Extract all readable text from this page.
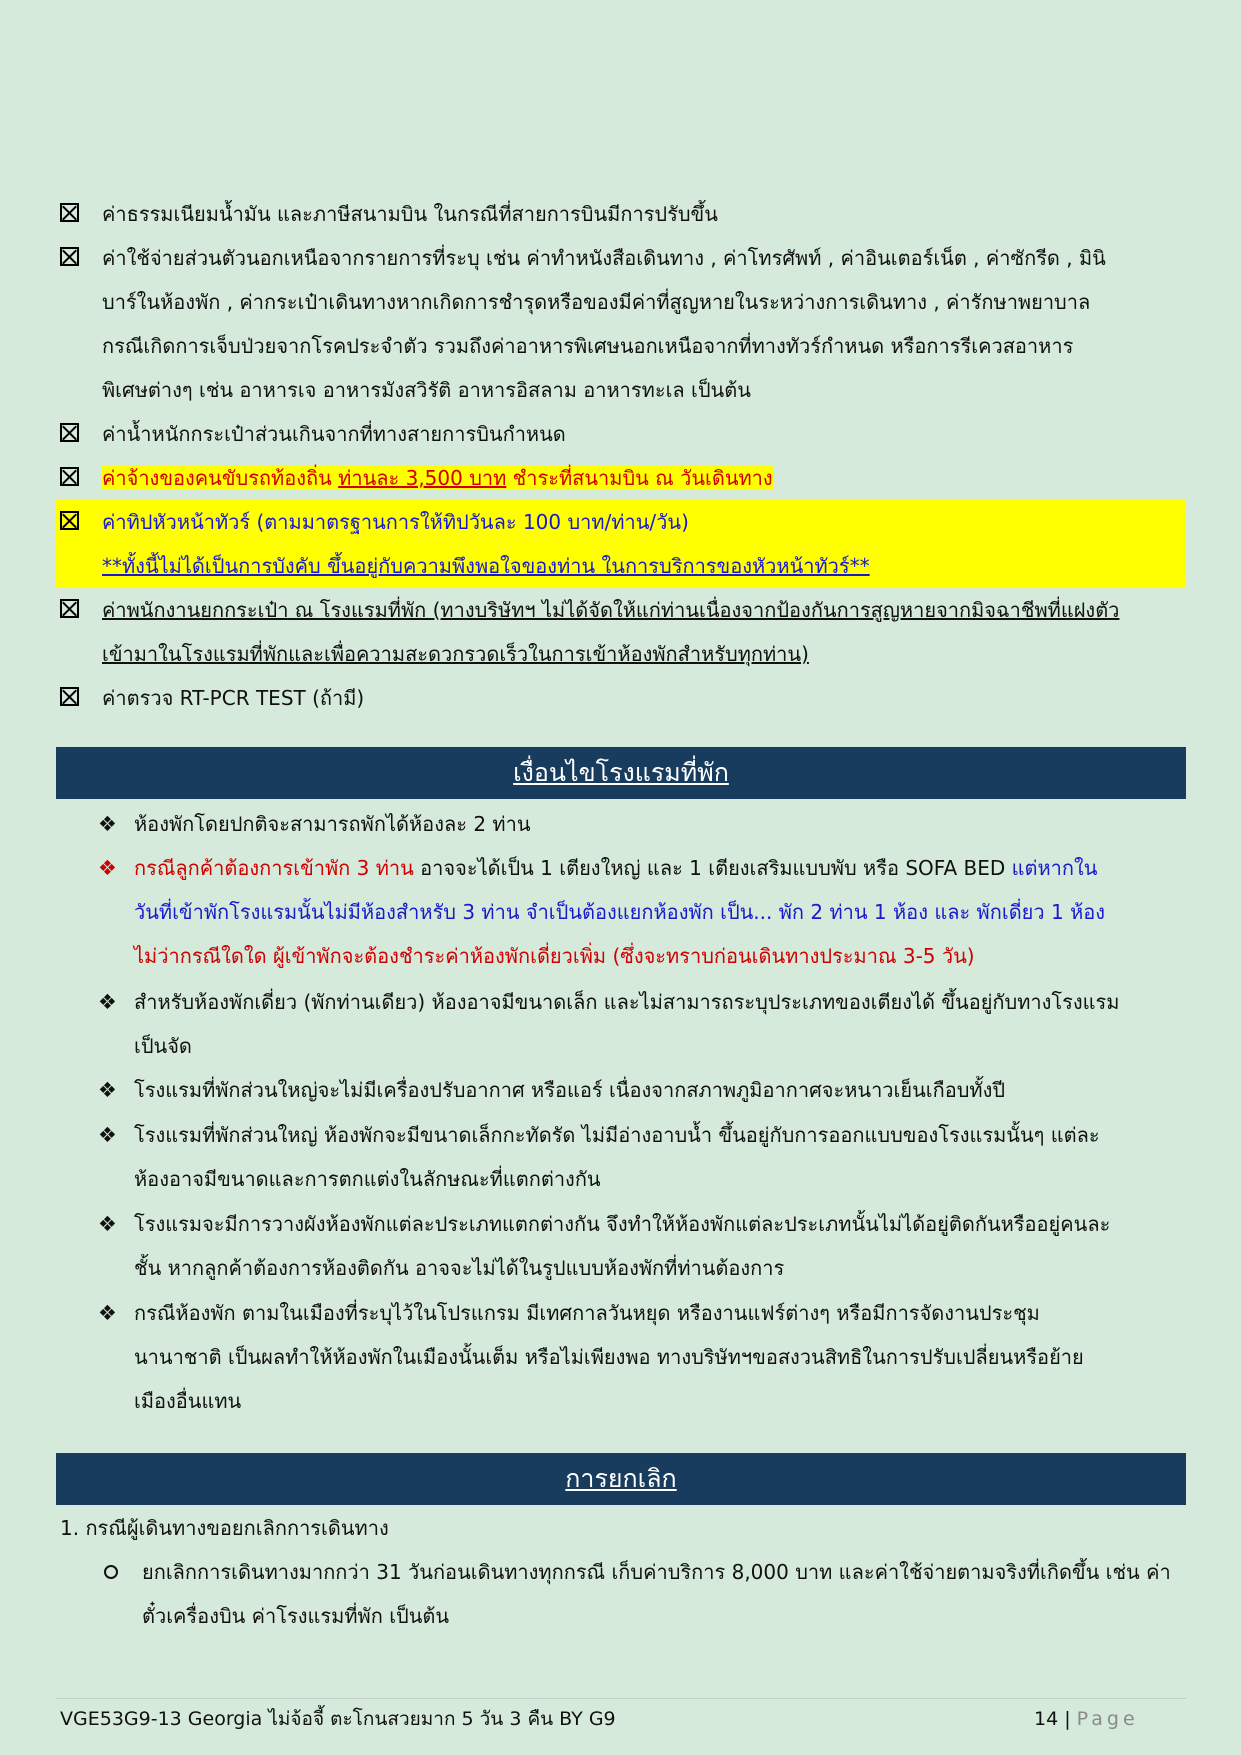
ค่าธรรมเนียมน้ำมัน และภาษีสนามบิน ในกรณีที่สายการบินมีการปรับขึ้น
ค่าใช้จ่ายส่วนตัวนอกเหนือจากรายการที่ระบุ เช่น ค่าทำหนังสือเดินทาง , ค่าโทรศัพท์ , ค่าอินเตอร์เน็ต , ค่าซักรีด , มินิ
บาร์ในห้องพัก , ค่ากระเป๋าเดินทางหากเกิดการชำรุดหรือของมีค่าที่สูญหายในระหว่างการเดินทาง , ค่ารักษาพยาบาล
กรณีเกิดการเจ็บป่วยจากโรคประจำตัว รวมถึงค่าอาหารพิเศษนอกเหนือจากที่ทางทัวร์กำหนด หรือการรีเควสอาหาร
พิเศษต่างๆ เช่น อาหารเจ อาหารมังสวิรัติ อาหารอิสลาม อาหารทะเล เป็นต้น
ค่าน้ำหนักกระเป๋าส่วนเกินจากที่ทางสายการบินกำหนด
ค่าจ้างของคนขับรถท้องถิ่น ท่านละ 3,500 บาท ชำระที่สนามบิน ณ วันเดินทาง
ค่าทิปหัวหน้าทัวร์ (ตามมาตรฐานการให้ทิปวันละ 100 บาท/ท่าน/วัน)
**ทั้งนี้ไม่ได้เป็นการบังคับ ขึ้นอยู่กับความพึงพอใจของท่าน ในการบริการของหัวหน้าทัวร์**
ค่าพนักงานยกกระเป๋า ณ โรงแรมที่พัก (ทางบริษัทฯ ไม่ได้จัดให้แก่ท่านเนื่องจากป้องกันการสูญหายจากมิจฉาชีพที่แฝงตัว
เข้ามาในโรงแรมที่พักและเพื่อความสะดวกรวดเร็วในการเข้าห้องพักสำหรับทุกท่าน)
ค่าตรวจ RT-PCR TEST (ถ้ามี)
เงื่อนไขโรงแรมที่พัก
❖ ห้องพักโดยปกติจะสามารถพักได้ห้องละ 2 ท่าน
❖ กรณีลูกค้าต้องการเข้าพัก 3 ท่าน อาจจะได้เป็น 1 เตียงใหญ่ และ 1 เตียงเสริมแบบพับ หรือ SOFA BED แต่หากใน
วันที่เข้าพักโรงแรมนั้นไม่มีห้องสำหรับ 3 ท่าน จำเป็นต้องแยกห้องพัก เป็น... พัก 2 ท่าน 1 ห้อง และ พักเดี่ยว 1 ห้อง
ไม่ว่ากรณีใดใด ผู้เข้าพักจะต้องชำระค่าห้องพักเดี่ยวเพิ่ม (ซึ่งจะทราบก่อนเดินทางประมาณ 3-5 วัน)
❖ สำหรับห้องพักเดี่ยว (พักท่านเดียว) ห้องอาจมีขนาดเล็ก และไม่สามารถระบุประเภทของเตียงได้ ขึ้นอยู่กับทางโรงแรม
เป็นจัด
❖ โรงแรมที่พักส่วนใหญ่จะไม่มีเครื่องปรับอากาศ หรือแอร์ เนื่องจากสภาพภูมิอากาศจะหนาวเย็นเกือบทั้งปี
❖ โรงแรมที่พักส่วนใหญ่ ห้องพักจะมีขนาดเล็กกะทัดรัด ไม่มีอ่างอาบน้ำ ขึ้นอยู่กับการออกแบบของโรงแรมนั้นๆ แต่ละ
ห้องอาจมีขนาดและการตกแต่งในลักษณะที่แตกต่างกัน
❖ โรงแรมจะมีการวางผังห้องพักแต่ละประเภทแตกต่างกัน จึงทำให้ห้องพักแต่ละประเภทนั้นไม่ได้อยู่ติดกันหรืออยู่คนละ
ชั้น หากลูกค้าต้องการห้องติดกัน อาจจะไม่ได้ในรูปแบบห้องพักที่ท่านต้องการ
❖ กรณีห้องพัก ตามในเมืองที่ระบุไว้ในโปรแกรม มีเทศกาลวันหยุด หรืองานแฟร์ต่างๆ หรือมีการจัดงานประชุม
นานาชาติ เป็นผลทำให้ห้องพักในเมืองนั้นเต็ม หรือไม่เพียงพอ ทางบริษัทฯขอสงวนสิทธิในการปรับเปลี่ยนหรือย้าย
เมืองอื่นแทน
การยกเลิก
1. กรณีผู้เดินทางขอยกเลิกการเดินทาง
ยกเลิกการเดินทางมากกว่า 31 วันก่อนเดินทางทุกกรณี เก็บค่าบริการ 8,000 บาท และค่าใช้จ่ายตามจริงที่เกิดขึ้น เช่น ค่า
ตั๋วเครื่องบิน ค่าโรงแรมที่พัก เป็นต้น
VGE53G9-13 Georgia ไม่จ้อจี้ ตะโกนสวยมาก 5 วัน 3 คืน BY G9	14 | Page
